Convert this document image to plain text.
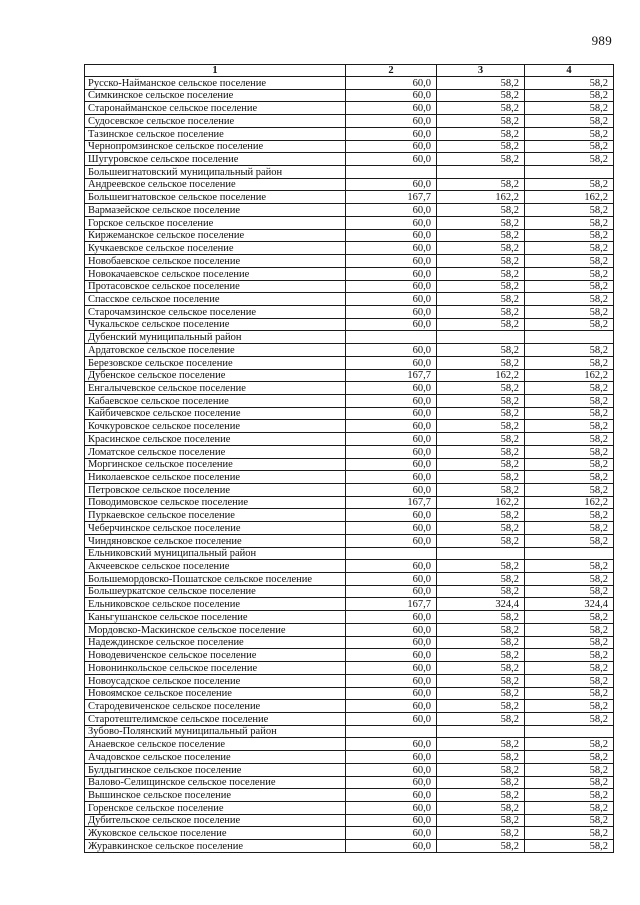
989
1	2	3	4
Русско-Найманское сельское поселение	60,0	58,2	58,2
Симкинское сельское поселение	60,0	58,2	58,2
Старонайманское сельское поселение	60,0	58,2	58,2
Судосевское сельское поселение	60,0	58,2	58,2
Тазинское сельское поселение	60,0	58,2	58,2
Чернопромзинское сельское поселение	60,0	58,2	58,2
Шугуровское сельское поселение	60,0	58,2	58,2
Большеигнатовский муниципальный район			
Андреевское сельское поселение	60,0	58,2	58,2
Большеигнатовское сельское поселение	167,7	162,2	162,2
Вармазейское сельское поселение	60,0	58,2	58,2
Горское сельское поселение	60,0	58,2	58,2
Киржеманское сельское поселение	60,0	58,2	58,2
Кучкаевское сельское поселение	60,0	58,2	58,2
Новобаевское сельское поселение	60,0	58,2	58,2
Новокачаевское сельское поселение	60,0	58,2	58,2
Протасовское сельское поселение	60,0	58,2	58,2
Спасское сельское поселение	60,0	58,2	58,2
Старочамзинское сельское поселение	60,0	58,2	58,2
Чукальское сельское поселение	60,0	58,2	58,2
Дубенский муниципальный район			
Ардатовское сельское поселение	60,0	58,2	58,2
Березовское сельское поселение	60,0	58,2	58,2
Дубенское сельское поселение	167,7	162,2	162,2
Енгалычевское сельское поселение	60,0	58,2	58,2
Кабаевское сельское поселение	60,0	58,2	58,2
Кайбичевское сельское поселение	60,0	58,2	58,2
Кочкуровское сельское поселение	60,0	58,2	58,2
Красинское сельское поселение	60,0	58,2	58,2
Ломатское сельское поселение	60,0	58,2	58,2
Моргинское сельское поселение	60,0	58,2	58,2
Николаевское сельское поселение	60,0	58,2	58,2
Петровское сельское поселение	60,0	58,2	58,2
Поводимовское сельское поселение	167,7	162,2	162,2
Пуркаевское сельское поселение	60,0	58,2	58,2
Чеберчинское сельское поселение	60,0	58,2	58,2
Чиндяновское сельское поселение	60,0	58,2	58,2
Ельниковский муниципальный район			
Акчеевское сельское поселение	60,0	58,2	58,2
Большемордовско-Пошатское сельское поселение	60,0	58,2	58,2
Большеуркатское сельское поселение	60,0	58,2	58,2
Ельниковское сельское поселение	167,7	324,4	324,4
Каньгушанское сельское поселение	60,0	58,2	58,2
Мордовско-Маскинское сельское поселение	60,0	58,2	58,2
Надеждинское сельское поселение	60,0	58,2	58,2
Новодевиченское сельское поселение	60,0	58,2	58,2
Новонинкольское сельское поселение	60,0	58,2	58,2
Новоусадское сельское поселение	60,0	58,2	58,2
Новоямское сельское поселение	60,0	58,2	58,2
Стародевиченское сельское поселение	60,0	58,2	58,2
Старотештелимское сельское поселение	60,0	58,2	58,2
Зубово-Полянский муниципальный район			
Анаевское сельское поселение	60,0	58,2	58,2
Ачадовское сельское поселение	60,0	58,2	58,2
Булдыгинское сельское поселение	60,0	58,2	58,2
Валово-Селищинское сельское поселение	60,0	58,2	58,2
Вышинское сельское поселение	60,0	58,2	58,2
Горенское сельское поселение	60,0	58,2	58,2
Дубительское сельское поселение	60,0	58,2	58,2
Жуковское сельское поселение	60,0	58,2	58,2
Журавкинское сельское поселение	60,0	58,2	58,2
